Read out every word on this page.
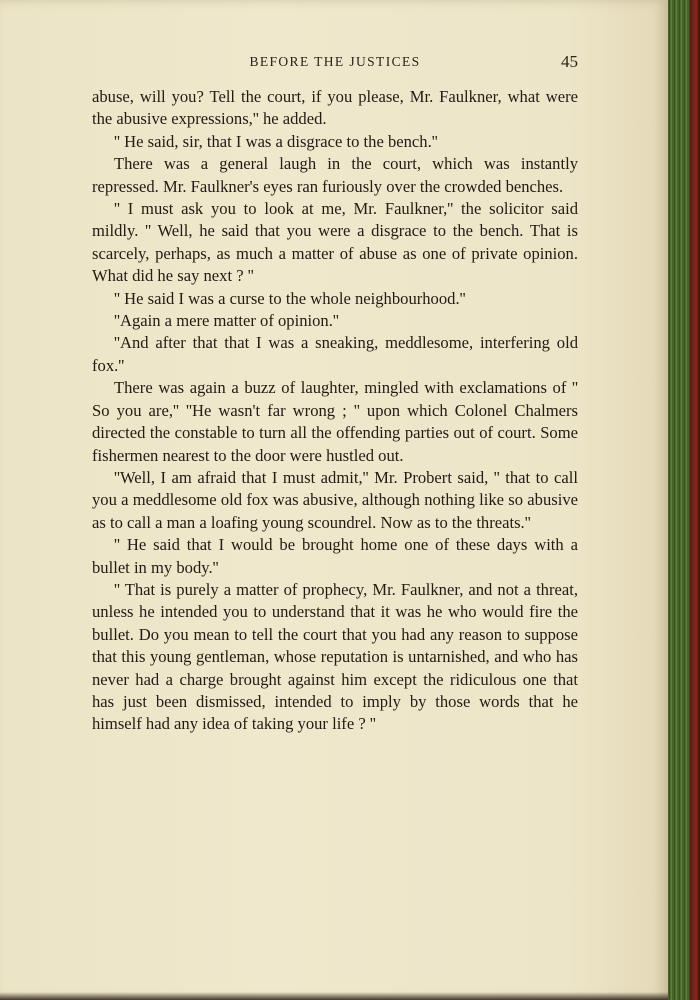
BEFORE THE JUSTICES	45

abuse, will you? Tell the court, if you please, Mr. Faulkner, what were the abusive expressions,'' he added.

'' He said, sir, that I was a disgrace to the bench.''

There was a general laugh in the court, which was instantly repressed. Mr. Faulkner's eyes ran furiously over the crowded benches.

'' I must ask you to look at me, Mr. Faulkner,'' the solicitor said mildly. '' Well, he said that you were a disgrace to the bench. That is scarcely, perhaps, as much a matter of abuse as one of private opinion. What did he say next ? ''

'' He said I was a curse to the whole neighbourhood.''

''Again a mere matter of opinion.''

''And after that that I was a sneaking, meddlesome, interfering old fox.''

There was again a buzz of laughter, mingled with exclamations of '' So you are,'' ''He wasn't far wrong ; '' upon which Colonel Chalmers directed the constable to turn all the offending parties out of court. Some fishermen nearest to the door were hustled out.

''Well, I am afraid that I must admit,'' Mr. Probert said, '' that to call you a meddlesome old fox was abusive, although nothing like so abusive as to call a man a loafing young scoundrel. Now as to the threats.''

'' He said that I would be brought home one of these days with a bullet in my body.''

'' That is purely a matter of prophecy, Mr. Faulkner, and not a threat, unless he intended you to understand that it was he who would fire the bullet. Do you mean to tell the court that you had any reason to suppose that this young gentleman, whose reputation is untarnished, and who has never had a charge brought against him except the ridiculous one that has just been dismissed, intended to imply by those words that he himself had any idea of taking your life ? ''
